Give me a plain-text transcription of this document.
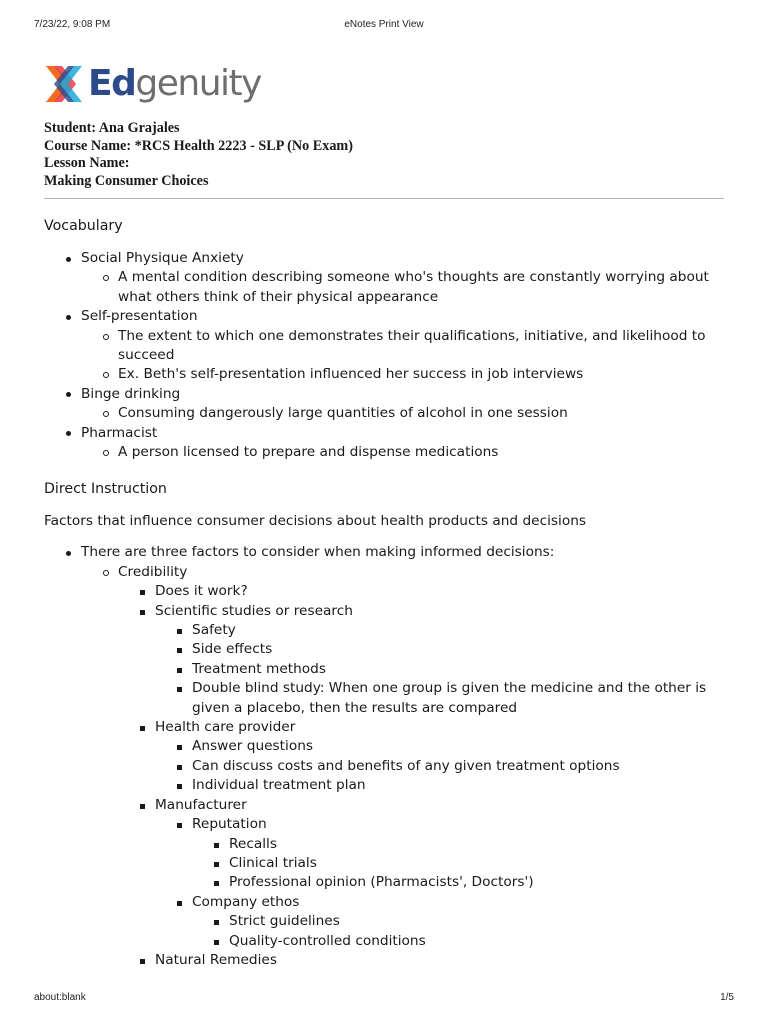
7/23/22, 9:08 PM	eNotes Print View
Edgenuity
Student: Ana Grajales
Course Name: *RCS Health 2223 - SLP (No Exam)
Lesson Name:
Making Consumer Choices
Vocabulary
Social Physique Anxiety
A mental condition describing someone who's thoughts are constantly worrying about what others think of their physical appearance
Self-presentation
The extent to which one demonstrates their qualifications, initiative, and likelihood to succeed
Ex. Beth's self-presentation influenced her success in job interviews
Binge drinking
Consuming dangerously large quantities of alcohol in one session
Pharmacist
A person licensed to prepare and dispense medications
Direct Instruction

Factors that influence consumer decisions about health products and decisions

There are three factors to consider when making informed decisions:
Credibility
Does it work?
Scientific studies or research
Safety
Side effects
Treatment methods
Double blind study: When one group is given the medicine and the other is given a placebo, then the results are compared
Health care provider
Answer questions
Can discuss costs and benefits of any given treatment options
Individual treatment plan
Manufacturer
Reputation
Recalls
Clinical trials
Professional opinion (Pharmacists', Doctors')
Company ethos
Strict guidelines
Quality-controlled conditions
Natural Remedies
about:blank	1/5
